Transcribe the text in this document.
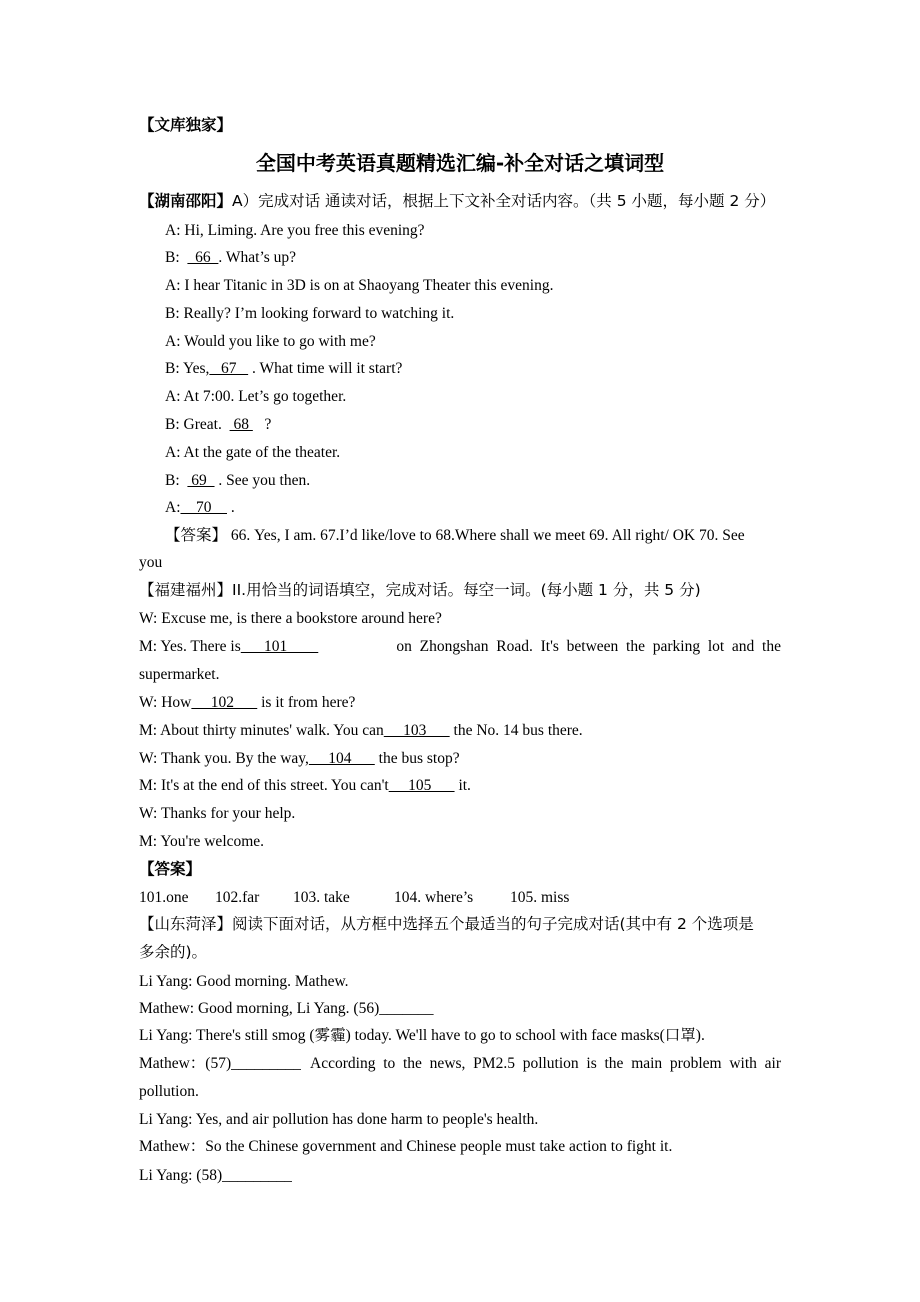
【文库独家】
全国中考英语真题精选汇编-补全对话之填词型
【湖南邵阳】A）完成对话 通读对话，根据上下文补全对话内容。（共 5 小题，每小题 2 分）
A: Hi, Liming. Are you free this evening?
B:    66  . What’s up?
A: I hear Titanic in 3D is on at Shaoyang Theater this evening.
B: Really? I’m looking forward to watching it.
A: Would you like to go with me?
B: Yes,   67    . What time will it start?
A: At 7:00. Let’s go together.
B: Great.   68    ?
A: At the gate of the theater.
B:   69   . See you then.
A:    70     .
【答案】 66. Yes, I am. 67.I’d like/love to 68.Where shall we meet 69. All right/ OK 70. See
you
【福建福州】II.用恰当的词语填空，完成对话。每空一词。(每小题 1 分，共 5 分)
W: Excuse me, is there a bookstore around here?
M: Yes. There is      101	on  Zhongshan  Road.  It's  between  the  parking  lot  and  the
supermarket.
W: How     102       is it from here?
M: About thirty minutes' walk. You can     103       the No. 14 bus there.
W: Thank you. By the way,     104       the bus stop?
M: It's at the end of this street. You can't     105       it.
W: Thanks for your help.
M: You're welcome.
【答案】
101.one 102.far 103. take	104. where’s 105. miss
【山东菏泽】阅读下面对话，从方框中选择五个最适当的句子完成对话(其中有 2 个选项是
多余的)。
Li Yang: Good morning. Mathew.
Mathew: Good morning, Li Yang. (56)_______
Li Yang: There's still smog (雾霾) today. We'll have to go to school with face masks(口罩).
Mathew：(57)_________ According  to  the  news,  PM2.5  pollution  is  the  main  problem  with  air
pollution.
Li Yang: Yes, and air pollution has done harm to people's health.
Mathew：So the Chinese government and Chinese people must take action to fight it.
Li Yang: (58)_________
